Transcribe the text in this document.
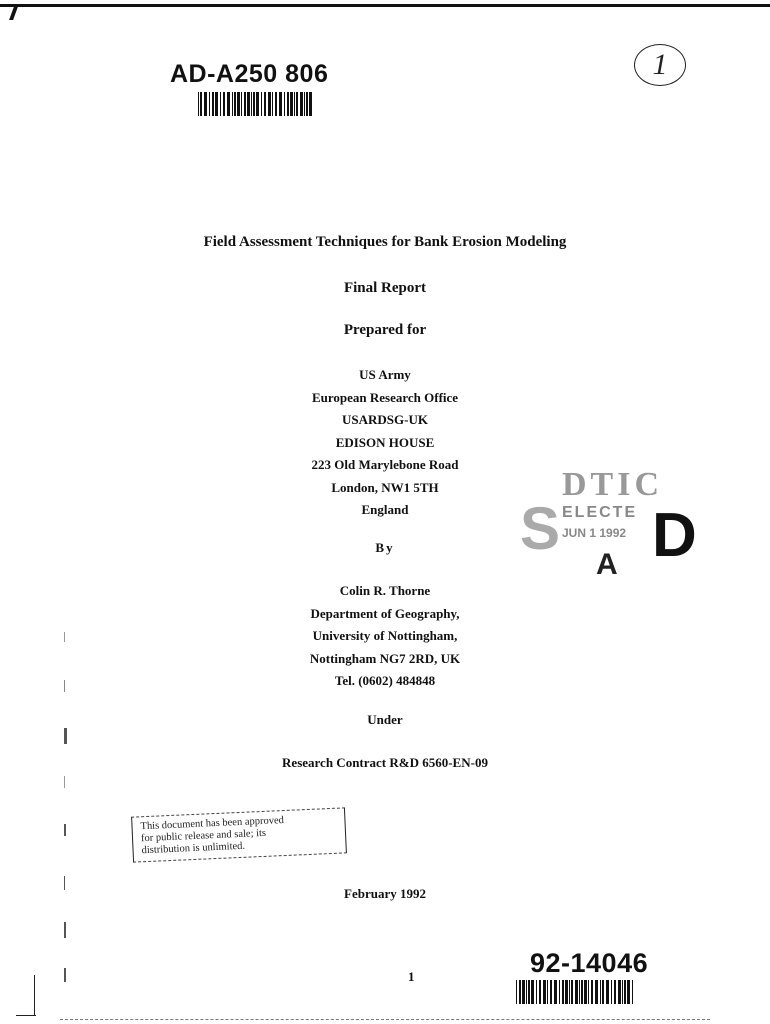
AD-A250 806	1
Field Assessment Techniques for Bank Erosion Modeling
Final Report
Prepared for
US Army
European Research Office
USARDSG-UK
EDISON HOUSE
223 Old Marylebone Road
London, NW1 5TH
England
By
Colin R. Thorne
Department of Geography,
University of Nottingham,
Nottingham NG7 2RD, UK
Tel. (0602) 484848
Under
Research Contract R&D 6560-EN-09
DTIC
ELECTE
JUN 1 1992
S
A D
This document has been approved
for public release and sale; its
distribution is unlimited.
February 1992
1	92-14046
